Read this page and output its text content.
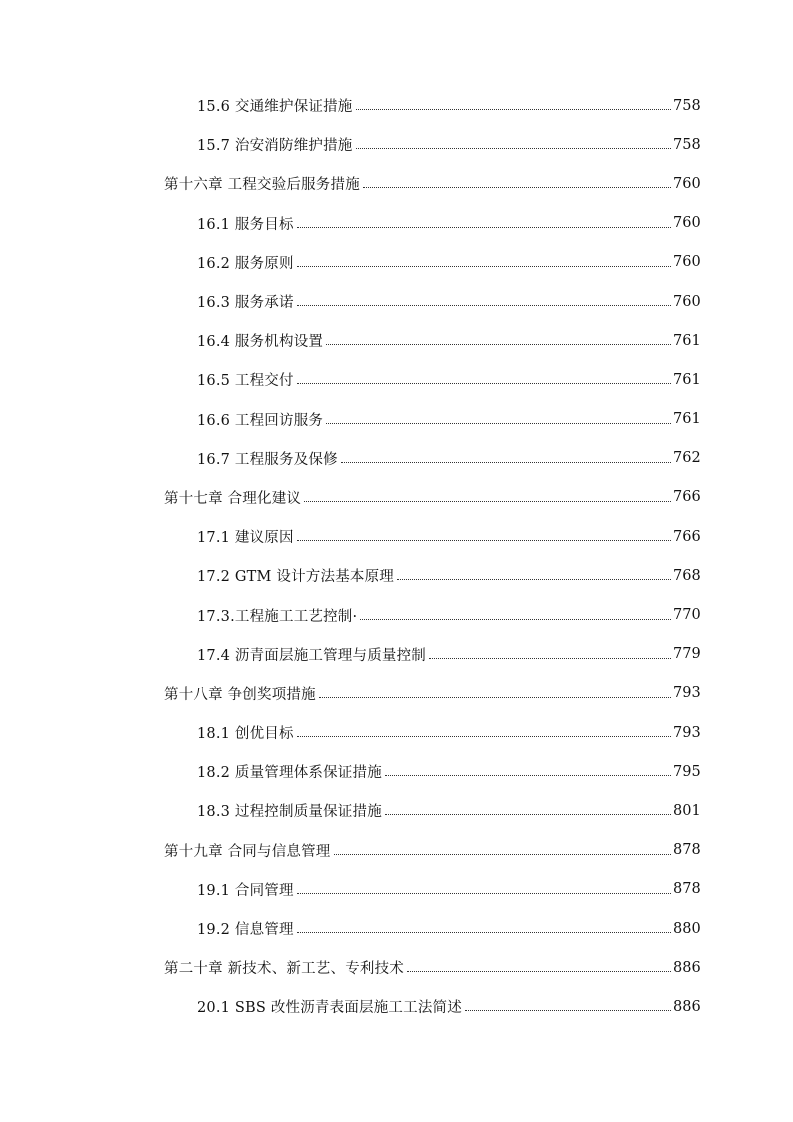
15.6 交通维护保证措施	758
15.7 治安消防维护措施	758
第十六章 工程交验后服务措施	760
16.1 服务目标	760
16.2 服务原则	760
16.3 服务承诺	760
16.4 服务机构设置	761
16.5 工程交付	761
16.6 工程回访服务	761
16.7 工程服务及保修	762
第十七章 合理化建议	766
17.1 建议原因	766
17.2 GTM 设计方法基本原理	768
17.3.工程施工工艺控制·	770
17.4 沥青面层施工管理与质量控制	779
第十八章 争创奖项措施	793
18.1 创优目标	793
18.2 质量管理体系保证措施	795
18.3 过程控制质量保证措施	801
第十九章 合同与信息管理	878
19.1 合同管理	878
19.2 信息管理	880
第二十章 新技术、新工艺、专利技术	886
20.1 SBS 改性沥青表面层施工工法简述	886
